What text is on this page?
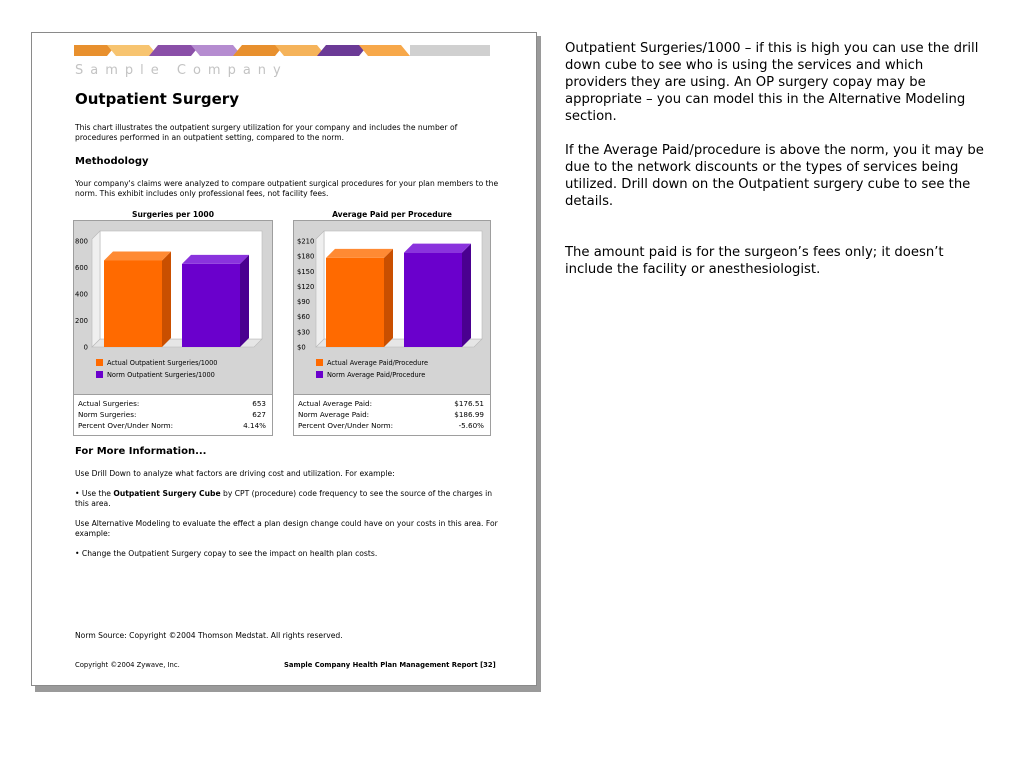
Sample Company
Outpatient Surgery
This chart illustrates the outpatient surgery utilization for your company and includes the number of procedures performed in an outpatient setting, compared to the norm.
Methodology
Your company's claims were analyzed to compare outpatient surgical procedures for your plan members to the norm. This exhibit includes only professional fees, not facility fees.
Surgeries per 1000
0
200
400
600
800
Actual Outpatient Surgeries/1000
Norm Outpatient Surgeries/1000
Actual Surgeries:	653
Norm Surgeries:	627
Percent Over/Under Norm:	4.14%
Average Paid per Procedure
$0
$30
$60
$90
$120
$150
$180
$210
Actual Average Paid/Procedure
Norm Average Paid/Procedure
Actual Average Paid:	$176.51
Norm Average Paid:	$186.99
Percent Over/Under Norm:	-5.60%
For More Information...
Use Drill Down to analyze what factors are driving cost and utilization. For example:
• Use the Outpatient Surgery Cube by CPT (procedure) code frequency to see the source of the charges in this area.
Use Alternative Modeling to evaluate the effect a plan design change could have on your costs in this area. For example:
• Change the Outpatient Surgery copay to see the impact on health plan costs.
Norm Source: Copyright ©2004 Thomson Medstat. All rights reserved.
Copyright ©2004 Zywave, Inc.	Sample Company Health Plan Management Report [32]

Outpatient Surgeries/1000 – if this is high you can use the drill down cube to see who is using the services and which providers they are using. An OP surgery copay may be appropriate – you can model this in the Alternative Modeling section.

If the Average Paid/procedure is above the norm, you it may be due to the network discounts or the types of services being utilized. Drill down on the Outpatient surgery cube to see the details.

The amount paid is for the surgeon’s fees only; it doesn’t include the facility or anesthesiologist.
